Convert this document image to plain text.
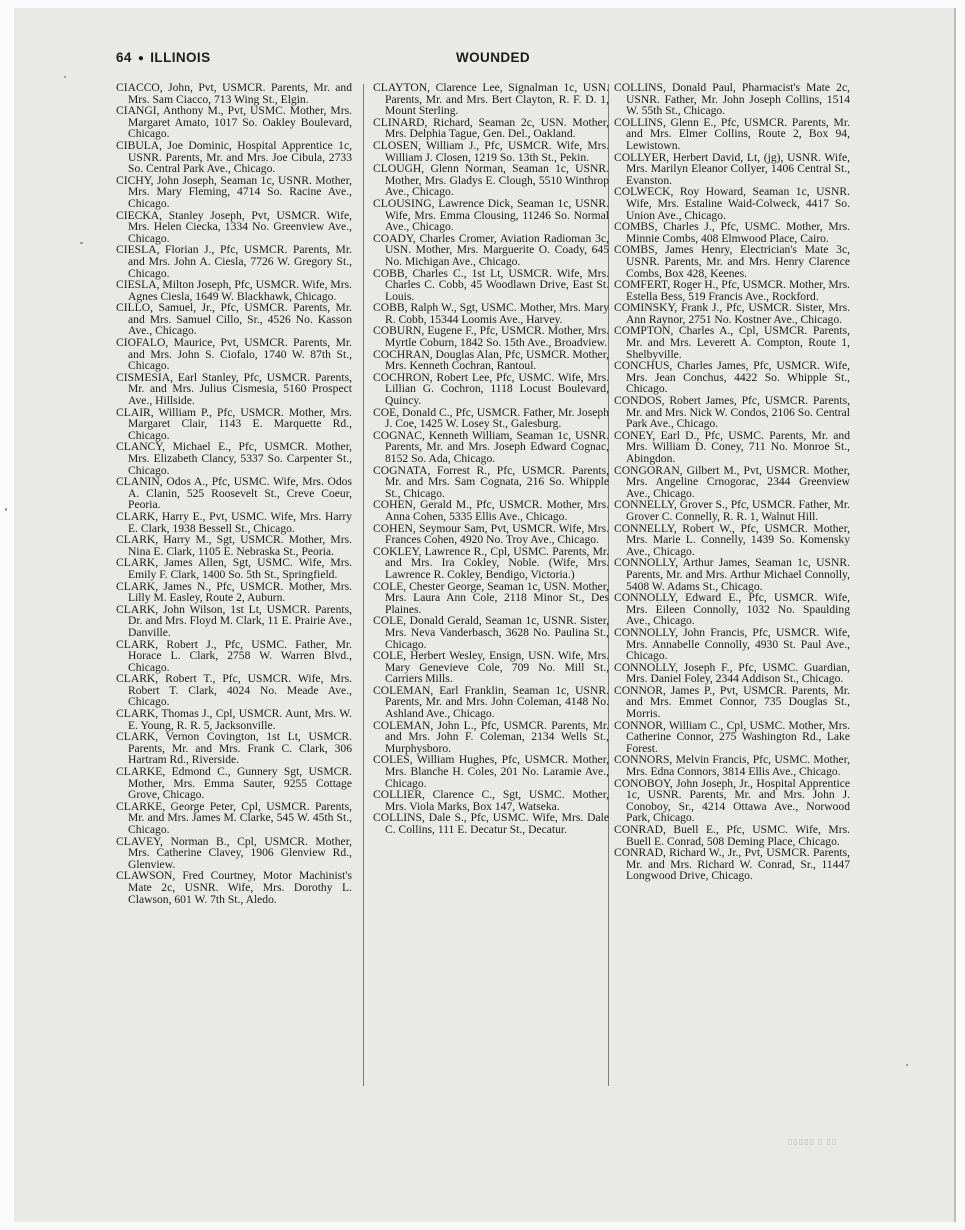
64 ● ILLINOIS	WOUNDED

CIACCO, John, Pvt, USMCR. Parents, Mr. and Mrs. Sam Ciacco, 713 Wing St., Elgin.

CIANGI, Anthony M., Pvt, USMC. Mother, Mrs. Margaret Amato, 1017 So. Oakley Boulevard, Chicago.

CIBULA, Joe Dominic, Hospital Apprentice 1c, USNR. Parents, Mr. and Mrs. Joe Cibula, 2733 So. Central Park Ave., Chicago.

CICHY, John Joseph, Seaman 1c, USNR. Mother, Mrs. Mary Fleming, 4714 So. Racine Ave., Chicago.

CIECKA, Stanley Joseph, Pvt, USMCR. Wife, Mrs. Helen Ciecka, 1334 No. Greenview Ave., Chicago.

CIESLA, Florian J., Pfc, USMCR. Parents, Mr. and Mrs. John A. Ciesla, 7726 W. Gregory St., Chicago.

CIESLA, Milton Joseph, Pfc, USMCR. Wife, Mrs. Agnes Ciesla, 1649 W. Blackhawk, Chicago.

CILLO, Samuel, Jr., Pfc, USMCR. Parents, Mr. and Mrs. Samuel Cillo, Sr., 4526 No. Kasson Ave., Chicago.

CIOFALO, Maurice, Pvt, USMCR. Parents, Mr. and Mrs. John S. Ciofalo, 1740 W. 87th St., Chicago.

CISMESIA, Earl Stanley, Pfc, USMCR. Parents, Mr. and Mrs. Julius Cismesia, 5160 Prospect Ave., Hillside.

CLAIR, William P., Pfc, USMCR. Mother, Mrs. Margaret Clair, 1143 E. Marquette Rd., Chicago.

CLANCY, Michael E., Pfc, USMCR. Mother, Mrs. Elizabeth Clancy, 5337 So. Carpenter St., Chicago.

CLANIN, Odos A., Pfc, USMC. Wife, Mrs. Odos A. Clanin, 525 Roosevelt St., Creve Coeur, Peoria.

CLARK, Harry E., Pvt, USMC. Wife, Mrs. Harry E. Clark, 1938 Bessell St., Chicago.

CLARK, Harry M., Sgt, USMCR. Mother, Mrs. Nina E. Clark, 1105 E. Nebraska St., Peoria.

CLARK, James Allen, Sgt, USMC. Wife, Mrs. Emily F. Clark, 1400 So. 5th St., Springfield.

CLARK, James N., Pfc, USMCR. Mother, Mrs. Lilly M. Easley, Route 2, Auburn.

CLARK, John Wilson, 1st Lt, USMCR. Parents, Dr. and Mrs. Floyd M. Clark, 11 E. Prairie Ave., Danville.

CLARK, Robert J., Pfc, USMC. Father, Mr. Horace L. Clark, 2758 W. Warren Blvd., Chicago.

CLARK, Robert T., Pfc, USMCR. Wife, Mrs. Robert T. Clark, 4024 No. Meade Ave., Chicago.

CLARK, Thomas J., Cpl, USMCR. Aunt, Mrs. W. E. Young, R. R. 5, Jacksonville.

CLARK, Vernon Covington, 1st Lt, USMCR. Parents, Mr. and Mrs. Frank C. Clark, 306 Hartram Rd., Riverside.

CLARKE, Edmond C., Gunnery Sgt, USMCR. Mother, Mrs. Emma Sauter, 9255 Cottage Grove, Chicago.

CLARKE, George Peter, Cpl, USMCR. Parents, Mr. and Mrs. James M. Clarke, 545 W. 45th St., Chicago.

CLAVEY, Norman B., Cpl, USMCR. Mother, Mrs. Catherine Clavey, 1906 Glenview Rd., Glenview.

CLAWSON, Fred Courtney, Motor Machinist's Mate 2c, USNR. Wife, Mrs. Dorothy L. Clawson, 601 W. 7th St., Aledo.

CLAYTON, Clarence Lee, Signalman 1c, USN. Parents, Mr. and Mrs. Bert Clayton, R. F. D. 1, Mount Sterling.

CLINARD, Richard, Seaman 2c, USN. Mother, Mrs. Delphia Tague, Gen. Del., Oakland.

CLOSEN, William J., Pfc, USMCR. Wife, Mrs. William J. Closen, 1219 So. 13th St., Pekin.

CLOUGH, Glenn Norman, Seaman 1c, USNR. Mother, Mrs. Gladys E. Clough, 5510 Winthrop Ave., Chicago.

CLOUSING, Lawrence Dick, Seaman 1c, USNR. Wife, Mrs. Emma Clousing, 11246 So. Normal Ave., Chicago.

COADY, Charles Cromer, Aviation Radioman 3c, USN. Mother, Mrs. Marguerite O. Coady, 645 No. Michigan Ave., Chicago.

COBB, Charles C., 1st Lt, USMCR. Wife, Mrs. Charles C. Cobb, 45 Woodlawn Drive, East St. Louis.

COBB, Ralph W., Sgt, USMC. Mother, Mrs. Mary R. Cobb, 15344 Loomis Ave., Harvey.

COBURN, Eugene F., Pfc, USMCR. Mother, Mrs. Myrtle Coburn, 1842 So. 15th Ave., Broadview.

COCHRAN, Douglas Alan, Pfc, USMCR. Mother, Mrs. Kenneth Cochran, Rantoul.

COCHRON, Robert Lee, Pfc, USMC. Wife, Mrs. Lillian G. Cochron, 1118 Locust Boulevard, Quincy.

COE, Donald C., Pfc, USMCR. Father, Mr. Joseph J. Coe, 1425 W. Losey St., Galesburg.

COGNAC, Kenneth William, Seaman 1c, USNR. Parents, Mr. and Mrs. Joseph Edward Cognac, 8152 So. Ada, Chicago.

COGNATA, Forrest R., Pfc, USMCR. Parents, Mr. and Mrs. Sam Cognata, 216 So. Whipple St., Chicago.

COHEN, Gerald M., Pfc, USMCR. Mother, Mrs. Anna Cohen, 5335 Ellis Ave., Chicago.

COHEN, Seymour Sam, Pvt, USMCR. Wife, Mrs. Frances Cohen, 4920 No. Troy Ave., Chicago.

COKLEY, Lawrence R., Cpl, USMC. Parents, Mr. and Mrs. Ira Cokley, Noble. (Wife, Mrs. Lawrence R. Cokley, Bendigo, Victoria.)

COLE, Chester George, Seaman 1c, USN. Mother, Mrs. Laura Ann Cole, 2118 Minor St., Des Plaines.

COLE, Donald Gerald, Seaman 1c, USNR. Sister, Mrs. Neva Vanderbasch, 3628 No. Paulina St., Chicago.

COLE, Herbert Wesley, Ensign, USN. Wife, Mrs. Mary Genevieve Cole, 709 No. Mill St., Carriers Mills.

COLEMAN, Earl Franklin, Seaman 1c, USNR. Parents, Mr. and Mrs. John Coleman, 4148 No. Ashland Ave., Chicago.

COLEMAN, John L., Pfc, USMCR. Parents, Mr. and Mrs. John F. Coleman, 2134 Wells St., Murphysboro.

COLES, William Hughes, Pfc, USMCR. Mother, Mrs. Blanche H. Coles, 201 No. Laramie Ave., Chicago.

COLLIER, Clarence C., Sgt, USMC. Mother, Mrs. Viola Marks, Box 147, Watseka.

COLLINS, Dale S., Pfc, USMC. Wife, Mrs. Dale C. Collins, 111 E. Decatur St., Decatur.

COLLINS, Donald Paul, Pharmacist's Mate 2c, USNR. Father, Mr. John Joseph Collins, 1514 W. 55th St., Chicago.

COLLINS, Glenn E., Pfc, USMCR. Parents, Mr. and Mrs. Elmer Collins, Route 2, Box 94, Lewistown.

COLLYER, Herbert David, Lt, (jg), USNR. Wife, Mrs. Marilyn Eleanor Collyer, 1406 Central St., Evanston.

COLWECK, Roy Howard, Seaman 1c, USNR. Wife, Mrs. Estaline Waid-Colweck, 4417 So. Union Ave., Chicago.

COMBS, Charles J., Pfc, USMC. Mother, Mrs. Minnie Combs, 408 Elmwood Place, Cairo.

COMBS, James Henry, Electrician's Mate 3c, USNR. Parents, Mr. and Mrs. Henry Clarence Combs, Box 428, Keenes.

COMFERT, Roger H., Pfc, USMCR. Mother, Mrs. Estella Bess, 519 Francis Ave., Rockford.

COMINSKY, Frank J., Pfc, USMCR. Sister, Mrs. Ann Raynor, 2751 No. Kostner Ave., Chicago.

COMPTON, Charles A., Cpl, USMCR. Parents, Mr. and Mrs. Leverett A. Compton, Route 1, Shelbyville.

CONCHUS, Charles James, Pfc, USMCR. Wife, Mrs. Jean Conchus, 4422 So. Whipple St., Chicago.

CONDOS, Robert James, Pfc, USMCR. Parents, Mr. and Mrs. Nick W. Condos, 2106 So. Central Park Ave., Chicago.

CONEY, Earl D., Pfc, USMC. Parents, Mr. and Mrs. William D. Coney, 711 No. Monroe St., Abingdon.

CONGORAN, Gilbert M., Pvt, USMCR. Mother, Mrs. Angeline Crnogorac, 2344 Greenview Ave., Chicago.

CONNELLY, Grover S., Pfc, USMCR. Father, Mr. Grover C. Connelly, R. R. 1, Walnut Hill.

CONNELLY, Robert W., Pfc, USMCR. Mother, Mrs. Marie L. Connelly, 1439 So. Komensky Ave., Chicago.

CONNOLLY, Arthur James, Seaman 1c, USNR. Parents, Mr. and Mrs. Arthur Michael Connolly, 5408 W. Adams St., Chicago.

CONNOLLY, Edward E., Pfc, USMCR. Wife, Mrs. Eileen Connolly, 1032 No. Spaulding Ave., Chicago.

CONNOLLY, John Francis, Pfc, USMCR. Wife, Mrs. Annabelle Connolly, 4930 St. Paul Ave., Chicago.

CONNOLLY, Joseph F., Pfc, USMC. Guardian, Mrs. Daniel Foley, 2344 Addison St., Chicago.

CONNOR, James P., Pvt, USMCR. Parents, Mr. and Mrs. Emmet Connor, 735 Douglas St., Morris.

CONNOR, William C., Cpl, USMC. Mother, Mrs. Catherine Connor, 275 Washington Rd., Lake Forest.

CONNORS, Melvin Francis, Pfc, USMC. Mother, Mrs. Edna Connors, 3814 Ellis Ave., Chicago.

CONOBOY, John Joseph, Jr., Hospital Apprentice 1c, USNR. Parents, Mr. and Mrs. John J. Conoboy, Sr., 4214 Ottawa Ave., Norwood Park, Chicago.

CONRAD, Buell E., Pfc, USMC. Wife, Mrs. Buell E. Conrad, 508 Deming Place, Chicago.

CONRAD, Richard W., Jr., Pvt, USMCR. Parents, Mr. and Mrs. Richard W. Conrad, Sr., 11447 Longwood Drive, Chicago.

▯▯▯▯▯ ▯ ▯▯
